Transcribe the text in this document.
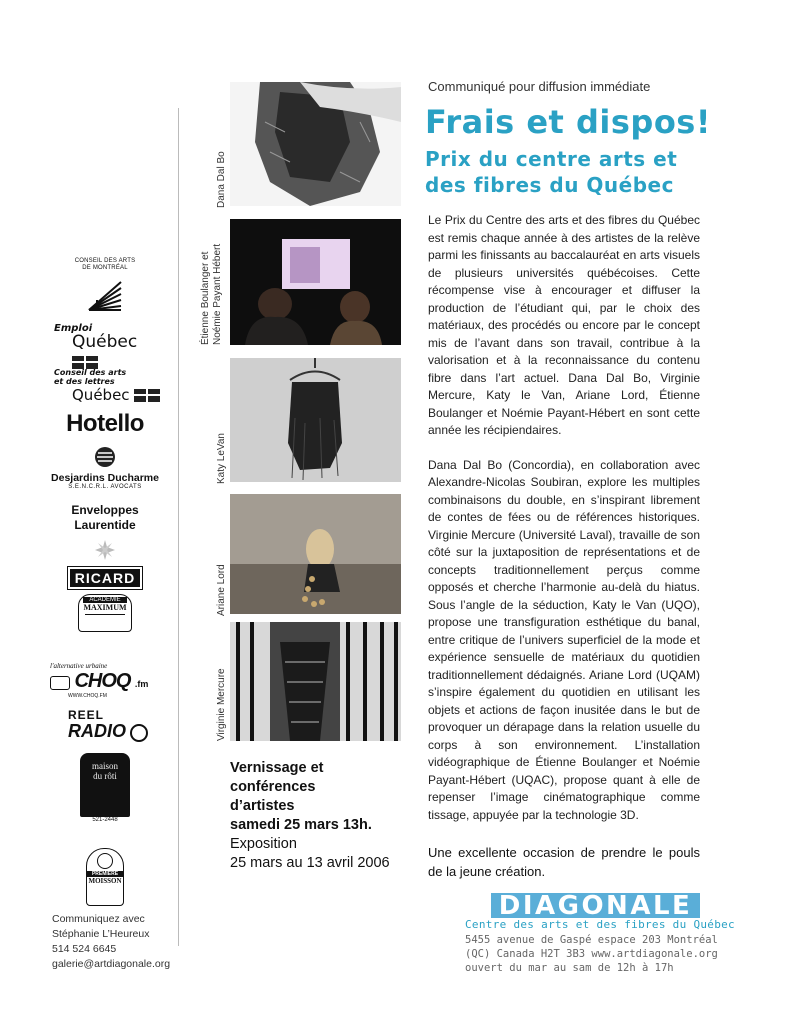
Communiqué pour diffusion immédiate
Frais et dispos!
Prix du centre arts et des fibres du Québec

Le Prix du Centre des arts et des fibres du Québec est remis chaque année à des artistes de la relève parmi les finissants au baccalauréat en arts visuels de plusieurs universités québécoises. Cette récompense vise à encourager et diffuser la production de l’étudiant qui, par le choix des matériaux, des procédés ou encore par le concept mis de l’avant dans son travail, contribue à la valorisation et à la reconnaissance du contenu fibre dans l’art actuel. Dana Dal Bo, Virginie Mercure, Katy le Van, Ariane Lord, Étienne Boulanger et Noémie Payant-Hébert en sont cette année les récipiendaires.

Dana Dal Bo (Concordia), en collaboration avec Alexandre-Nicolas Soubiran, explore les multiples combinaisons du double, en s’inspirant librement de contes de fées ou de références historiques. Virginie Mercure (Université Laval), travaille de son côté sur la juxtaposition de représentations et de concepts traditionnellement perçus comme opposés et cherche l’harmonie au-delà du hiatus. Sous l’angle de la séduction, Katy le Van (UQO), propose une transfiguration esthétique du banal, entre critique de l’univers superficiel de la mode et expérience sensuelle de matériaux du quotidien traditionnellement dédaignés. Ariane Lord (UQAM) s’inspire également du quotidien en utilisant les objets et actions de façon inusitée dans le but de provoquer un dérapage dans la relation usuelle du corps à son environnement. L’installation vidéographique de Étienne Boulanger et Noémie Payant-Hébert (UQAC), propose quant à elle de repenser l’image cinématographique comme tissage, appuyée par la technologie 3D.

Une excellente occasion de prendre le pouls de la jeune création.
Dana Dal Bo
Étienne Boulanger et Noémie Payant Hébert
Katy LeVan
Ariane Lord
Virginie Mercure
Vernissage et
conférences
d’artistes
samedi 25 mars 13h.
Exposition
25 mars au 13 avril 2006
CONSEIL DES ARTS
DE MONTRÉAL
Emploi
Québec
Conseil des arts
et des lettres
Québec
Hotello
Desjardins Ducharme
S.E.N.C.R.L. AVOCATS
Enveloppes
Laurentide
RICARD
ACADÉMIE
MAXIMUM
l'alternative urbaine
CHOQ .fm
WWW.CHOQ.FM
REEL
RADIO
maison
du rôti
521-2448
PREMIÈRE
MOISSON
Communiquez avec
Stéphanie L’Heureux
514 524 6645
galerie@artdiagonale.org
DIAGONALE
Centre des arts et des fibres du Québec
5455 avenue de Gaspé espace 203 Montréal
(QC) Canada H2T 3B3 www.artdiagonale.org
ouvert du mar au sam de 12h à 17h
